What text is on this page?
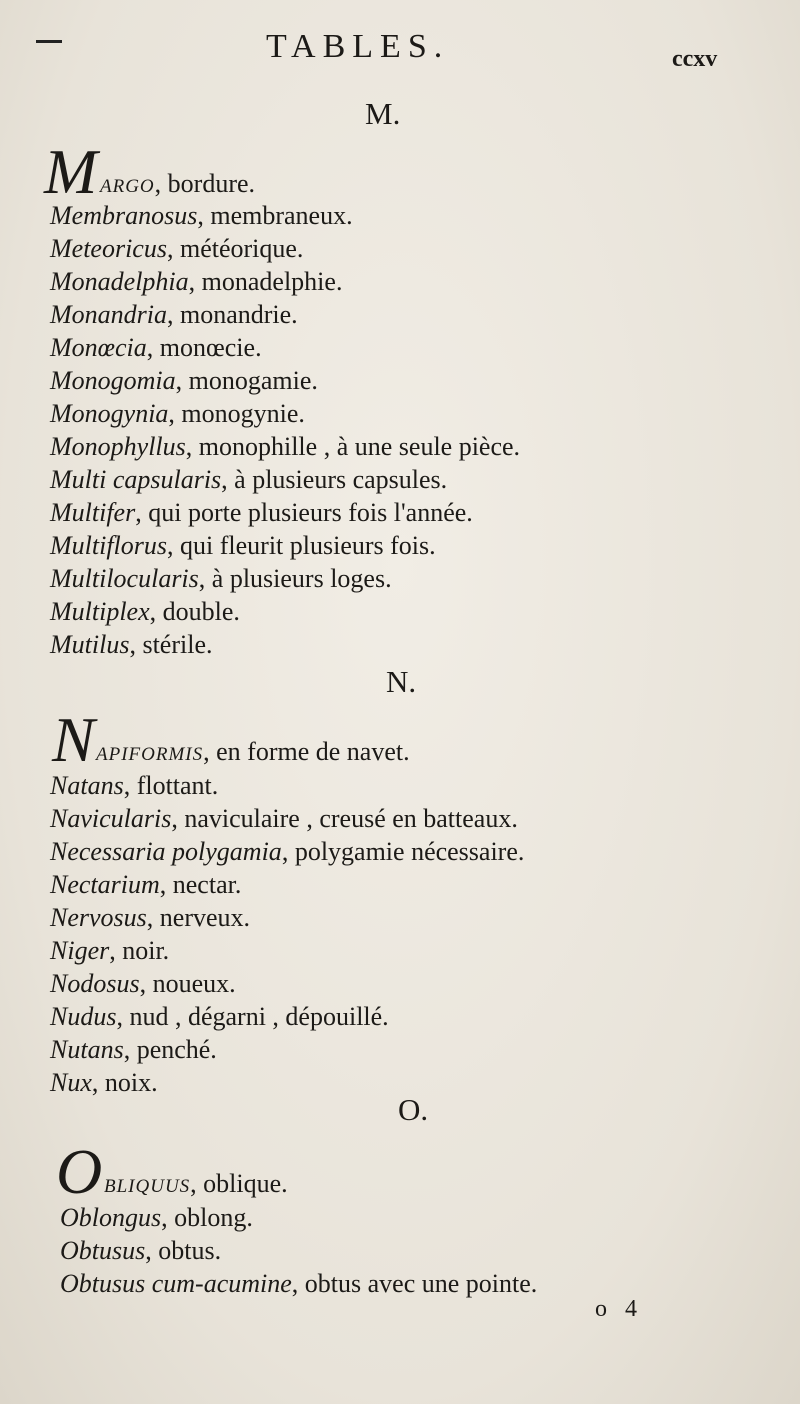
TABLES.	ccxv
M.
M ARGO, bordure.
Membranosus, membraneux.
Meteoricus, météorique.
Monadelphia, monadelphie.
Monandria, monandrie.
Monœcia, monœcie.
Monogomia, monogamie.
Monogynia, monogynie.
Monophyllus, monophille , à une seule pièce.
Multi capsularis, à plusieurs capsules.
Multifer, qui porte plusieurs fois l'année.
Multiflorus, qui fleurit plusieurs fois.
Multilocularis, à plusieurs loges.
Multiplex, double.
Mutilus, stérile.
N.
N APIFORMIS, en forme de navet.
Natans, flottant.
Navicularis, naviculaire , creusé en batteaux.
Necessaria polygamia, polygamie nécessaire.
Nectarium, nectar.
Nervosus, nerveux.
Niger, noir.
Nodosus, noueux.
Nudus, nud , dégarni , dépouillé.
Nutans, penché.
Nux, noix.
O.
O BLIQUUS, oblique.
Oblongus, oblong.
Obtusus, obtus.
Obtusus cum-acumine, obtus avec une pointe.
o 4
